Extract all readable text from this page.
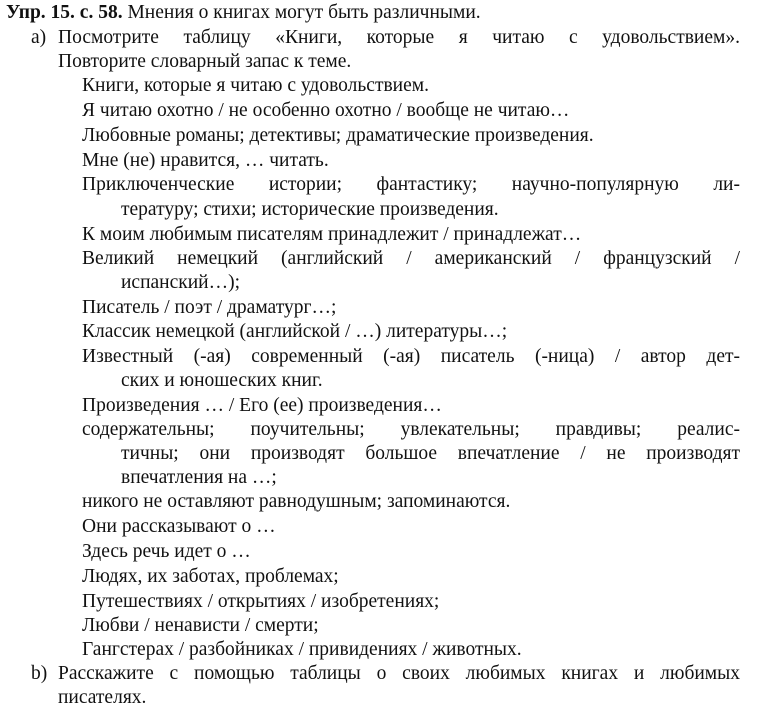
Упр. 15. с. 58. Мнения о книгах могут быть различными.
a) Посмотрите таблицу «Книги, которые я читаю с удовольствием».
Повторите словарный запас к теме.
Книги, которые я читаю с удовольствием.
Я читаю охотно / не особенно охотно / вообще не читаю…
Любовные романы; детективы; драматические произведения.
Мне (не) нравится, … читать.
Приключенческие истории; фантастику; научно-популярную ли-
тературу; стихи; исторические произведения.
К моим любимым писателям принадлежит / принадлежат…
Великий немецкий (английский / американский / французский /
испанский…);
Писатель / поэт / драматург…;
Классик немецкой (английской / …) литературы…;
Известный (-ая) современный (-ая) писатель (-ница) / автор дет-
ских и юношеских книг.
Произведения … / Его (ее) произведения…
содержательны; поучительны; увлекательны; правдивы; реалис-
тичны; они производят большое впечатление / не производят
впечатления на …;
никого не оставляют равнодушным; запоминаются.
Они рассказывают о …
Здесь речь идет о …
Людях, их заботах, проблемах;
Путешествиях / открытиях / изобретениях;
Любви / ненависти / смерти;
Гангстерах / разбойниках / привидениях / животных.
b) Расскажите с помощью таблицы о своих любимых книгах и любимых
писателях.
